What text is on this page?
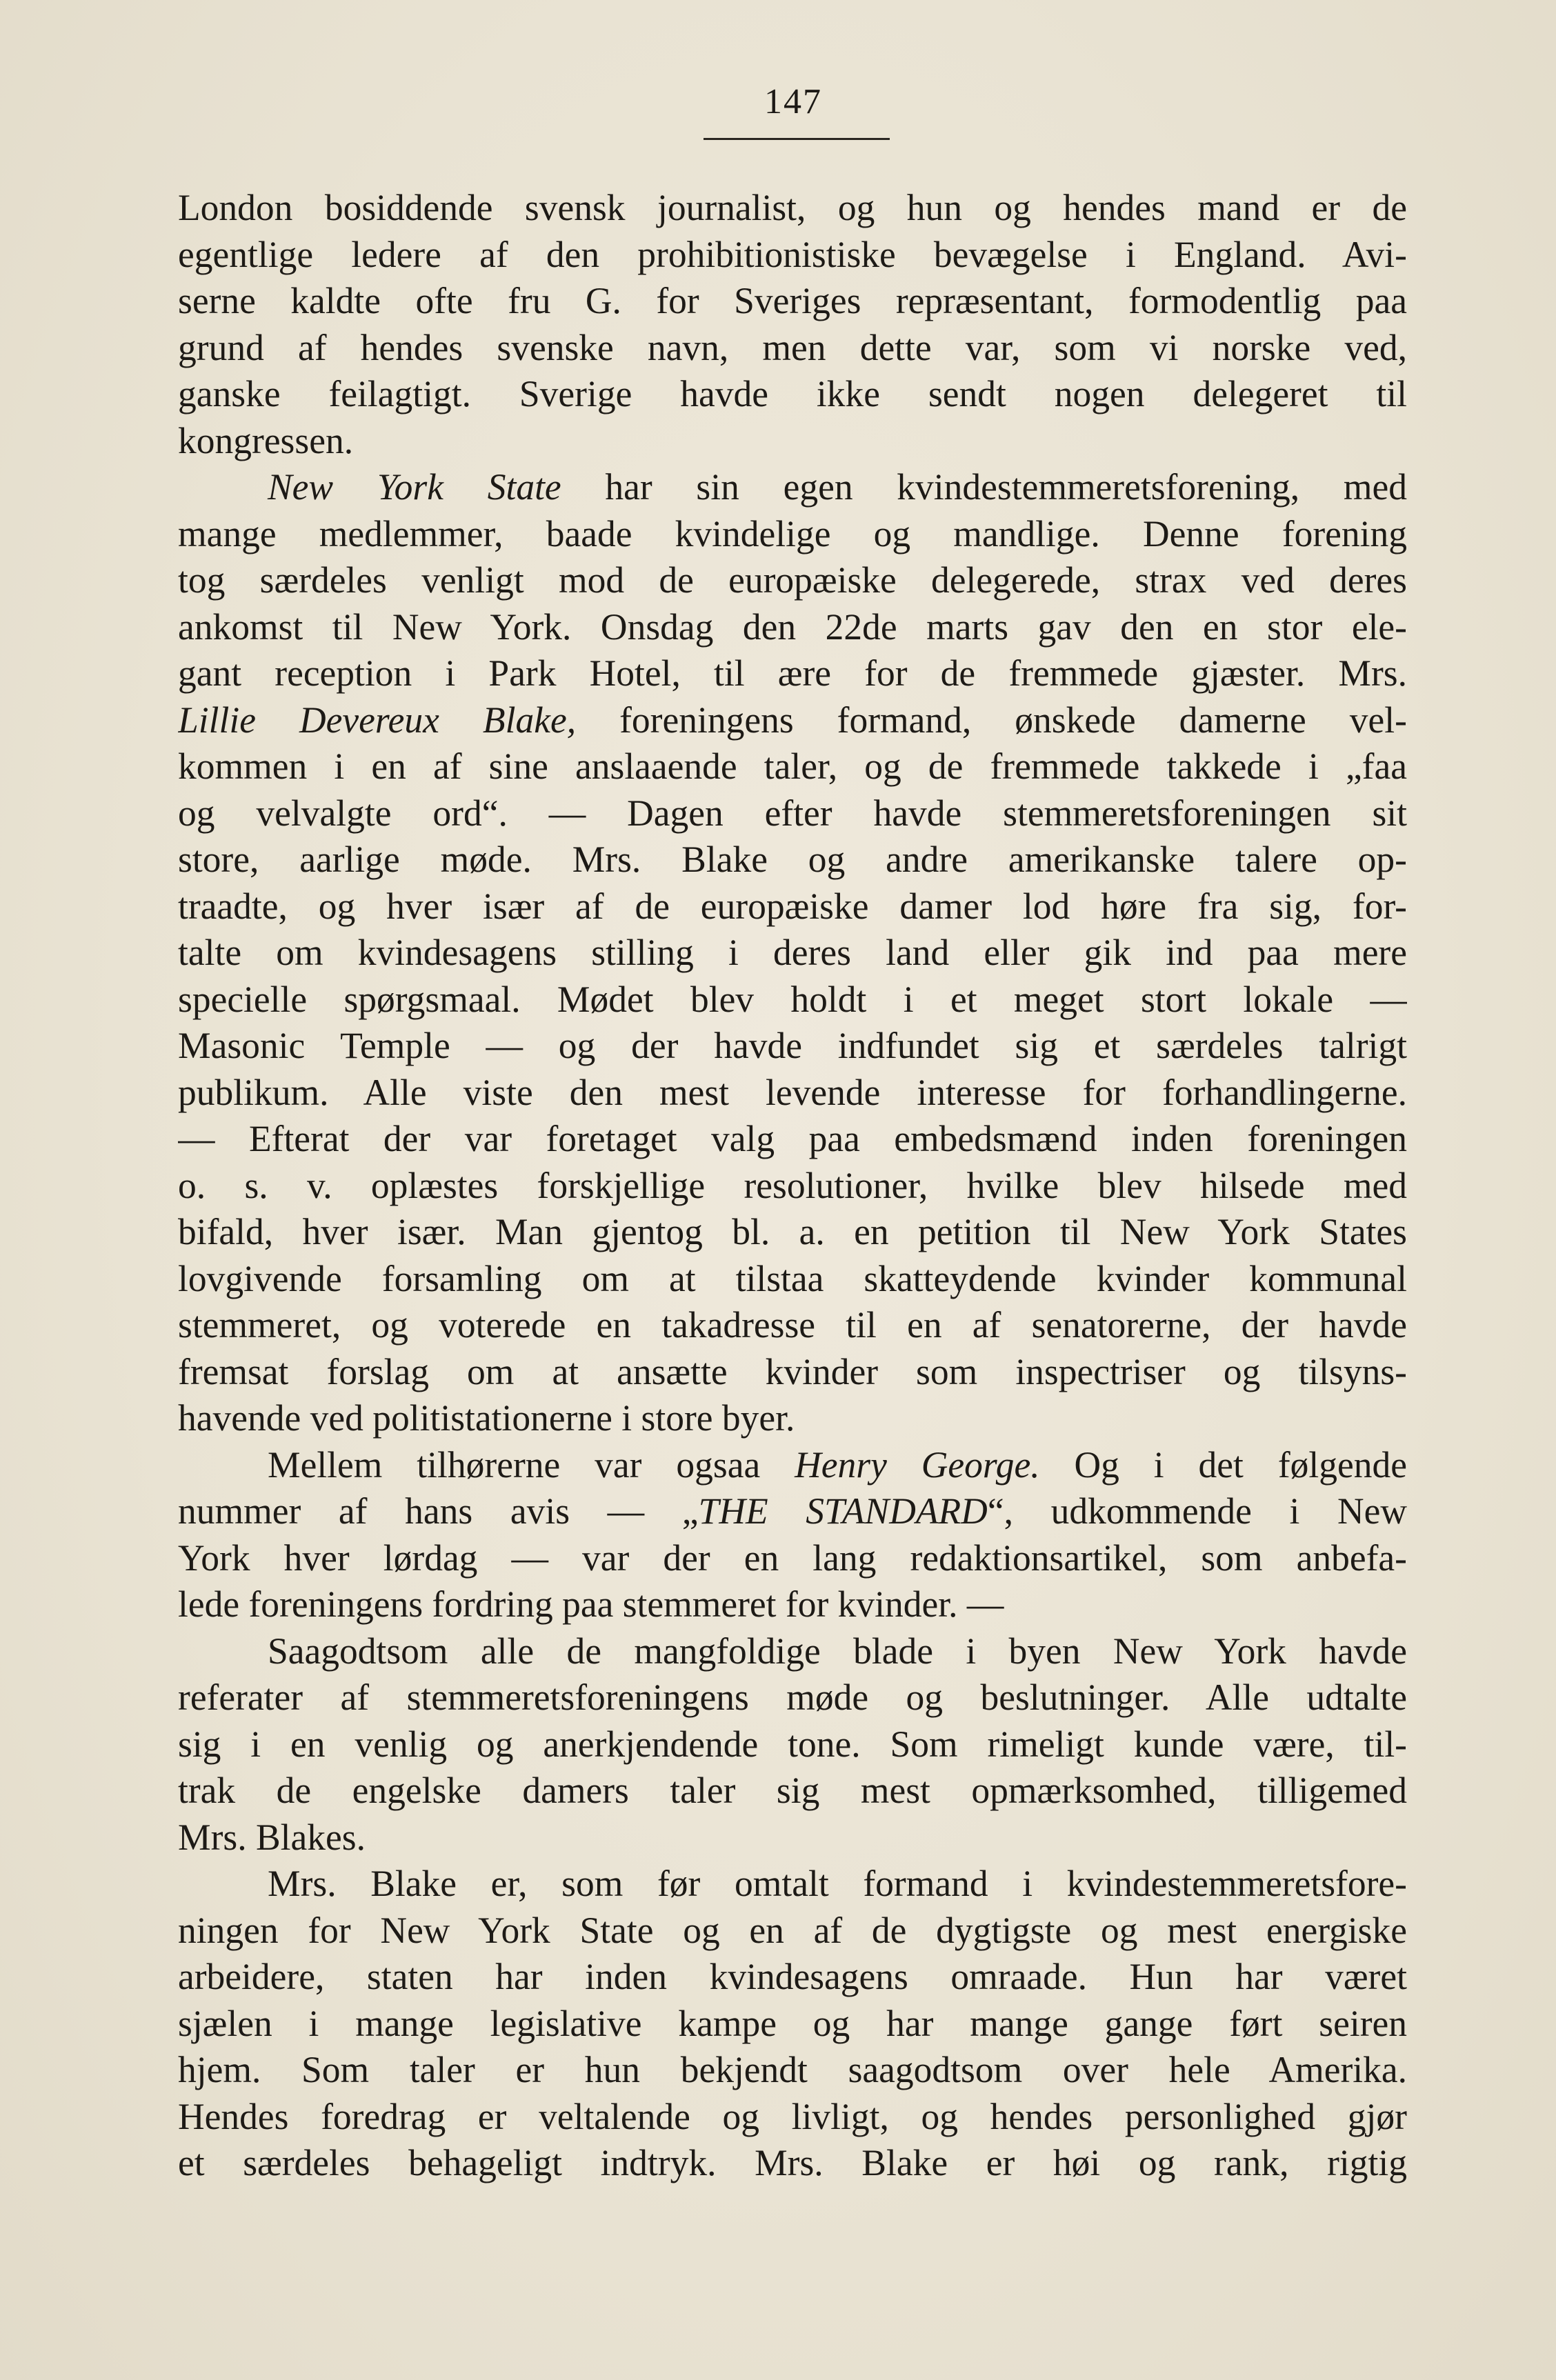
147
London bosiddende svensk journalist, og hun og hendes mand er de
egentlige ledere af den prohibitionistiske bevægelse i England. Avi-
serne kaldte ofte fru G. for Sveriges repræsentant, formodentlig paa
grund af hendes svenske navn, men dette var, som vi norske ved,
ganske feilagtigt. Sverige havde ikke sendt nogen delegeret til
kongressen.
New York State har sin egen kvindestemmeretsforening, med
mange medlemmer, baade kvindelige og mandlige. Denne forening
tog særdeles venligt mod de europæiske delegerede, strax ved deres
ankomst til New York. Onsdag den 22de marts gav den en stor ele-
gant reception i Park Hotel, til ære for de fremmede gjæster. Mrs.
Lillie Devereux Blake, foreningens formand, ønskede damerne vel-
kommen i en af sine anslaaende taler, og de fremmede takkede i „faa
og velvalgte ord“. — Dagen efter havde stemmeretsforeningen sit
store, aarlige møde. Mrs. Blake og andre amerikanske talere op-
traadte, og hver især af de europæiske damer lod høre fra sig, for-
talte om kvindesagens stilling i deres land eller gik ind paa mere
specielle spørgsmaal. Mødet blev holdt i et meget stort lokale —
Masonic Temple — og der havde indfundet sig et særdeles talrigt
publikum. Alle viste den mest levende interesse for forhandlingerne.
— Efterat der var foretaget valg paa embedsmænd inden foreningen
o. s. v. oplæstes forskjellige resolutioner, hvilke blev hilsede med
bifald, hver især. Man gjentog bl. a. en petition til New York States
lovgivende forsamling om at tilstaa skatteydende kvinder kommunal
stemmeret, og voterede en takadresse til en af senatorerne, der havde
fremsat forslag om at ansætte kvinder som inspectriser og tilsyns-
havende ved politistationerne i store byer.
Mellem tilhørerne var ogsaa Henry George. Og i det følgende
nummer af hans avis — „THE STANDARD“, udkommende i New
York hver lørdag — var der en lang redaktionsartikel, som anbefa-
lede foreningens fordring paa stemmeret for kvinder. —
Saagodtsom alle de mangfoldige blade i byen New York havde
referater af stemmeretsforeningens møde og beslutninger. Alle udtalte
sig i en venlig og anerkjendende tone. Som rimeligt kunde være, til-
trak de engelske damers taler sig mest opmærksomhed, tilligemed
Mrs. Blakes.
Mrs. Blake er, som før omtalt formand i kvindestemmeretsfore-
ningen for New York State og en af de dygtigste og mest energiske
arbeidere, staten har inden kvindesagens omraade. Hun har været
sjælen i mange legislative kampe og har mange gange ført seiren
hjem. Som taler er hun bekjendt saagodtsom over hele Amerika.
Hendes foredrag er veltalende og livligt, og hendes personlighed gjør
et særdeles behageligt indtryk. Mrs. Blake er høi og rank, rigtig
